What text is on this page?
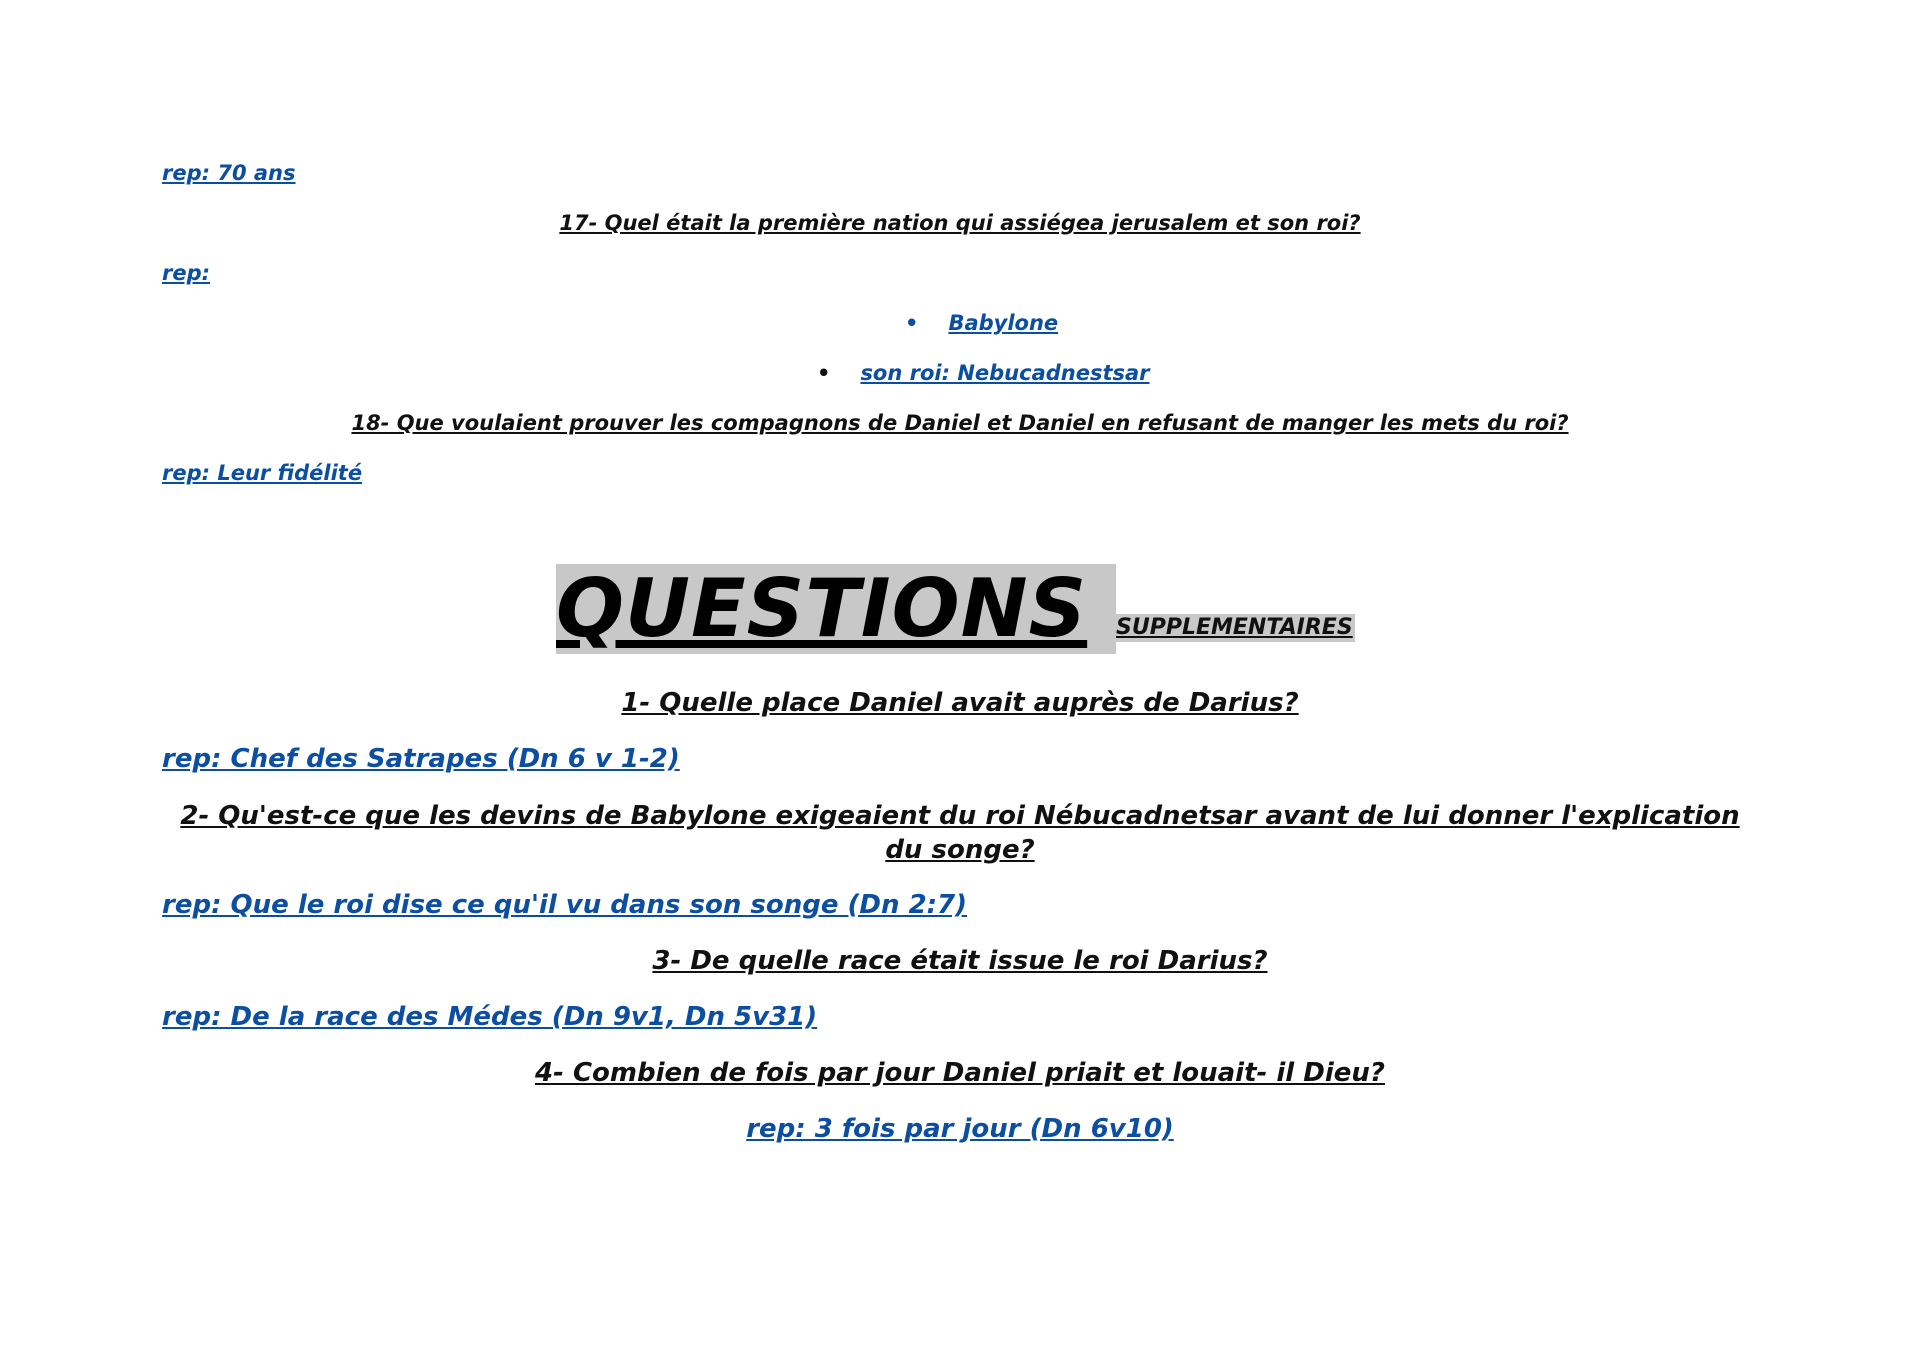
rep: 70 ans
17- Quel était la première nation qui assiégea jerusalem et son roi?
rep:
• Babylone
• son roi: Nebucadnestsar
18- Que voulaient prouver les compagnons de Daniel et Daniel en refusant de manger les mets du roi?
rep: Leur fidélité
QUESTIONS	SUPPLEMENTAIRES
1- Quelle place Daniel avait auprès de Darius?
rep: Chef des Satrapes (Dn 6 v 1-2)
2- Qu'est-ce que les devins de Babylone exigeaient du roi Nébucadnetsar avant de lui donner l'explication du songe?
rep: Que le roi dise ce qu'il vu dans son songe (Dn 2:7)
3- De quelle race était issue le roi Darius?
rep: De la race des Médes (Dn 9v1, Dn 5v31)
4- Combien de fois par jour Daniel priait et louait- il Dieu?
rep: 3 fois par jour (Dn 6v10)
